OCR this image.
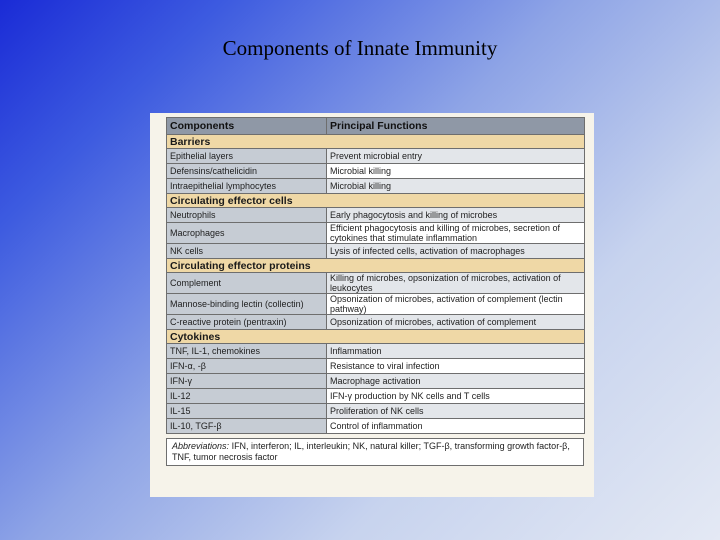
Components of Innate Immunity
Components	Principal Functions
Barriers	
Epithelial layers	Prevent microbial entry
Defensins/cathelicidin	Microbial killing
Intraepithelial lymphocytes	Microbial killing
Circulating effector cells	
Neutrophils	Early phagocytosis and killing of microbes
Macrophages	Efficient phagocytosis and killing of microbes, secretion of cytokines that stimulate inflammation
NK cells	Lysis of infected cells, activation of macrophages
Circulating effector proteins	
Complement	Killing of microbes, opsonization of microbes, activation of leukocytes
Mannose-binding lectin (collectin)	Opsonization of microbes, activation of complement (lectin pathway)
C-reactive protein (pentraxin)	Opsonization of microbes, activation of complement
Cytokines	
TNF, IL-1, chemokines	Inflammation
IFN-α, -β	Resistance to viral infection
IFN-γ	Macrophage activation
IL-12	IFN-γ production by NK cells and T cells
IL-15	Proliferation of NK cells
IL-10, TGF-β	Control of inflammation
Abbreviations: IFN, interferon; IL, interleukin; NK, natural killer; TGF-β, transforming growth factor-β, TNF, tumor necrosis factor
